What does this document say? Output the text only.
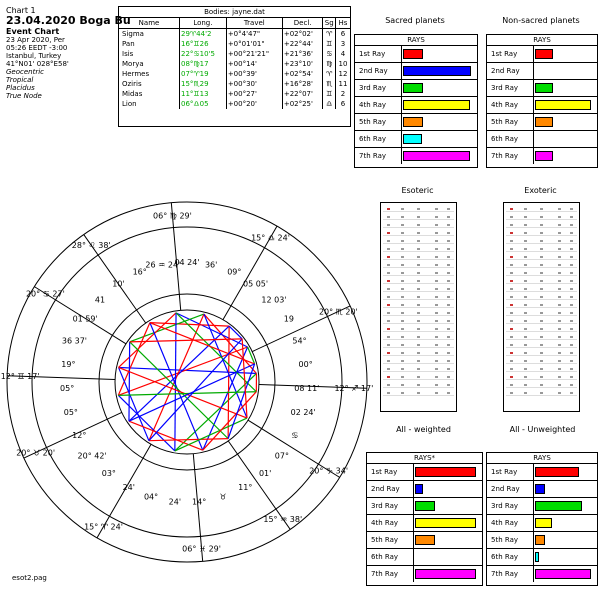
Chart 1
23.04.2020 Boga Bu
Event Chart
23 Apr 2020, Per
05:26 EEDT -3:00
Istanbul, Turkey
41°N01' 028°E58'
Geocentric
Tropical
Placidus
True Node
Bodies: jayne.dat
Name	Long.	Travel	Decl.	Sg	Hs
Sigma	29♈44'2	+0°4'47"	+02°02'	♈	6
Pan	16°♊26	+0°01'01"	+22°44'	♊	3
Isis	22°♋10'5	+00°21'21"	+21°36'	♋	4
Morya	08°♍17	+00°14'	+23°10'	♍	10
Hermes	07°♈19	+00°39'	+02°54'	♈	12
Oziris	15°♏29	+00°30'	+16°28'	♏	11
Midas	11°♊13	+00°27'	+22°07'	♊	2
Lion	06°♎05	+00°20'	+02°25'	♎	6
Sacred planets
RAYS
1st Ray
2nd Ray
3rd Ray
4th Ray
5th Ray
6th Ray
7th Ray
Non-sacred planets
RAYS
1st Ray
2nd Ray
3rd Ray
4th Ray
5th Ray
6th Ray
7th Ray
Esoteric	Exoteric
All - weighted	All - Unweighted
RAYS*
1st Ray
2nd Ray
3rd Ray
4th Ray
5th Ray
6th Ray
7th Ray
RAYS
1st Ray
2nd Ray
3rd Ray
4th Ray
5th Ray
6th Ray
7th Ray
06° ♍ 29'
15° ♎ 24'
20° ♏ 20'
12° ♐ 17'
20° ♑ 34'
15° ♒ 38'
06° ♓ 29'
15° ♈ 24'
20° ♉ 20'
12° ♊ 17'
20° ♋ 27'
28° ♌ 38'
04 24'
26 ♒ 24'
16°
10'
41
01 59'
36 37'
19°
05°
05°
12°
20° 42'
03°
24'
04°
24' 14°
♉
11°
01'
07°
♋
02 24'
08 11'
00°
54°
19
12 03'
05 05'
09°
36'
esot2.pag
